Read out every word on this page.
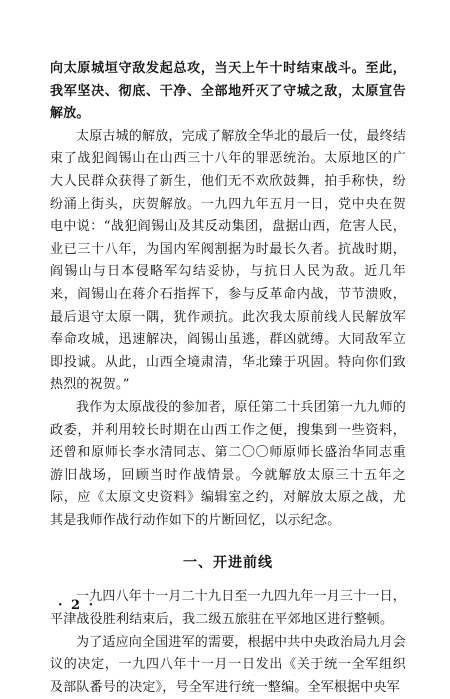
向太原城垣守敌发起总攻，当天上午十时结束战斗。至此，我军坚决、彻底、干净、全部地歼灭了守城之敌，太原宣告解放。

太原古城的解放，完成了解放全华北的最后一仗，最终结束了战犯阎锡山在山西三十八年的罪恶统治。太原地区的广大人民群众获得了新生，他们无不欢欣鼓舞，拍手称快，纷纷涌上街头，庆贺解放。一九四九年五月一日，党中央在贺电中说：“战犯阎锡山及其反动集团，盘据山西，危害人民，业已三十八年，为国内军阀割据为时最长久者。抗战时期，阎锡山与日本侵略军勾结妥协，与抗日人民为敌。近几年来，阎锡山在蒋介石指挥下，参与反革命内战，节节溃败，最后退守太原一隅，犹作顽抗。此次我太原前线人民解放军奉命攻城，迅速解决，阎锡山虽逃，群凶就缚。大同敌军立即投诚。从此，山西全境肃清，华北臻于巩固。特向你们致热烈的祝贺。”

我作为太原战役的参加者，原任第二十兵团第一九九师的政委，并利用较长时期在山西工作之便，搜集到一些资料，还曾和原师长李水清同志、第二〇〇师原师长盛治华同志重游旧战场，回顾当时作战情景。今就解放太原三十五年之际，应《太原文史资料》编辑室之约，对解放太原之战，尤其是我师作战行动作如下的片断回忆，以示纪念。

一、开进前线

一九四八年十一月二十九日至一九四九年一月三十一日，平津战役胜利结束后，我二级五旅驻在平郊地区进行整顿。

为了适应向全国进军的需要，根据中共中央政治局九月会议的决定，一九四八年十一月一日发出《关于统一全军组织及部队番号的决定》，号全军进行统一整编。全军根据中央军

· 2 ·
